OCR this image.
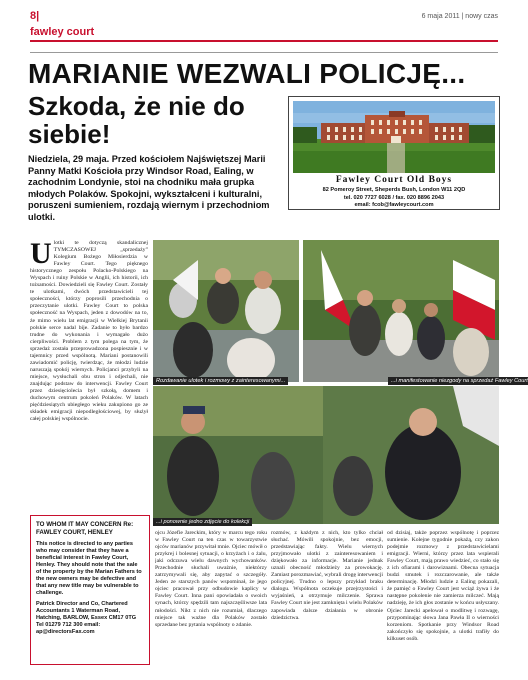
8|	6 maja 2011 | nowy czas
fawley court
MARIANIE WEZWALI POLICJĘ...
Szkoda, że nie do siebie!

Niedziela, 29 maja. Przed kościołem Najświętszej Marii Panny Matki Kościoła przy Windsor Road, Ealing, w zachodnim Londynie, stoi na chodniku mała grupka młodych Polaków. Spokojni, wykształceni i kulturalni, poruszeni sumieniem, rozdają wiernym i przechodniom ulotki.

Fawley Court Old Boys
82 Pomeroy Street, Sheperds Bush, London W11 2QD
tel. 020 7727 6028 / fax. 020 8896 2043
email: fcob@fawleycourt.com
U lotki te dotyczą skandalicznej TYMCZASOWEJ „sprzedaży” Kolegium Bożego Miłosierdzia w Fawley Court. Tego pięknego historycznego zespołu Polacko-Polskiego na Wyspach i ruiny Polskie w Anglii, ich historii, ich tożsamości. Dowiedzieli się Fawley Court. Zostały te ulotkami, dwóch przedstawicieli tej społeczności, którzy poprosili przechodnia o przeczytanie ulotki. Fawley Court to polska społeczność na Wyspach, jeden z dowodów na to, że mimo wielu lat emigracji w Wielkiej Brytanii polskie serce nadal bije. Zadanie to było bardzo trudne do wykonania i wymagało dużo cierpliwości. Problem z tym polega na tym, że sprzedaż została przeprowadzona pospiesznie i w tajemnicy przed wspólnotą. Mariani postanowili zawiadomić policję, twierdząc, że młodzi ludzie naruszają spokój wiernych. Policjanci przybyli na miejsce, wysłuchali obu stron i odjechali, nie znajdując podstaw do interwencji. Fawley Court przez dziesięciolecia był szkołą, domem i duchowym centrum pokoleń Polaków. W latach pięćdziesiątych ubiegłego wieku zakupiono go ze składek emigracji niepodległościowej, by służył całej polskiej wspólnocie.
Rozdawanie ulotek i rozmowy z zainteresowanymi...	...i manifestowanie niezgody na sprzedaż Fawley Court
...i ponownie jedno zdjęcie do kolekcji
ojcu Józefie Jareckim, który w marcu tego roku w Fawley Court na ten czas w towarzystwie ojców marianów przywitał mnie. Ojciec mówił o przykrej i bolesnej sytuacji, o krzyżach i o żalu, jaki odczuwa wielu dawnych wychowanków. Przechodnie słuchali uważnie, niektórzy zatrzymywali się, aby zapytać o szczegóły. Jeden ze starszych panów wspominał, że jego ojciec pracował przy odbudowie kaplicy w Fawley Court. Inna pani opowiadała o swoich synach, którzy spędzili tam najszczęśliwsze lata młodości. Nikt z nich nie rozumiał, dlaczego miejsce tak ważne dla Polaków zostało sprzedane bez pytania wspólnoty o zdanie.
rozmów, z każdym z nich, kto tylko chciał słuchać. Mówili spokojnie, bez emocji, przedstawiając fakty. Wielu wiernych przyjmowało ulotki z zainteresowaniem i dziękowało za informacje. Marianie jednak uznali obecność młodzieży za prowokację. Zamiast porozmawiać, wybrali drogę interwencji policyjnej. Trudno o lepszy przykład braku dialogu. Wspólnota oczekuje przejrzystości i wyjaśnień, a otrzymuje milczenie. Sprawa Fawley Court nie jest zamknięta i wielu Polaków zapowiada dalsze działania w obronie dziedzictwa.
od dzisiaj, także poprzez wspólnotę i poprzez sumienie. Kolejne tygodnie pokażą, czy zakon podejmie rozmowy z przedstawicielami emigracji. Wierni, którzy przez lata wspierali Fawley Court, mają prawo wiedzieć, co stało się z ich ofiarami i darowiznami. Obecna sytuacja budzi smutek i rozczarowanie, ale także determinację. Młodzi ludzie z Ealing pokazali, że pamięć o Fawley Court jest wciąż żywa i że następne pokolenie nie zamierza milczeć. Mają nadzieję, że ich głos zostanie w końcu usłyszany. Ojciec Jarecki apelował o modlitwę i rozwagę, przypominając słowa Jana Pawła II o wierności korzeniom. Spotkanie przy Windsor Road zakończyło się spokojnie, a ulotki trafiły do kilkuset osób.
TO WHOM IT MAY CONCERN Re: FAWLEY COURT, HENLEY

This notice is directed to any parties who may consider that they have a beneficial interest in Fawley Court, Henley. They should note that the sale of the property by the Marian Fathers to the new owners may be defective and that any new title may be vulnerable to challenge.

Patrick Director and Co, Chartered Accountants 1 Waterman Road, Hatching, BARLOW, Essex CM17 0TG Tel 01279 712 300 email: ap@directorsFax.com
